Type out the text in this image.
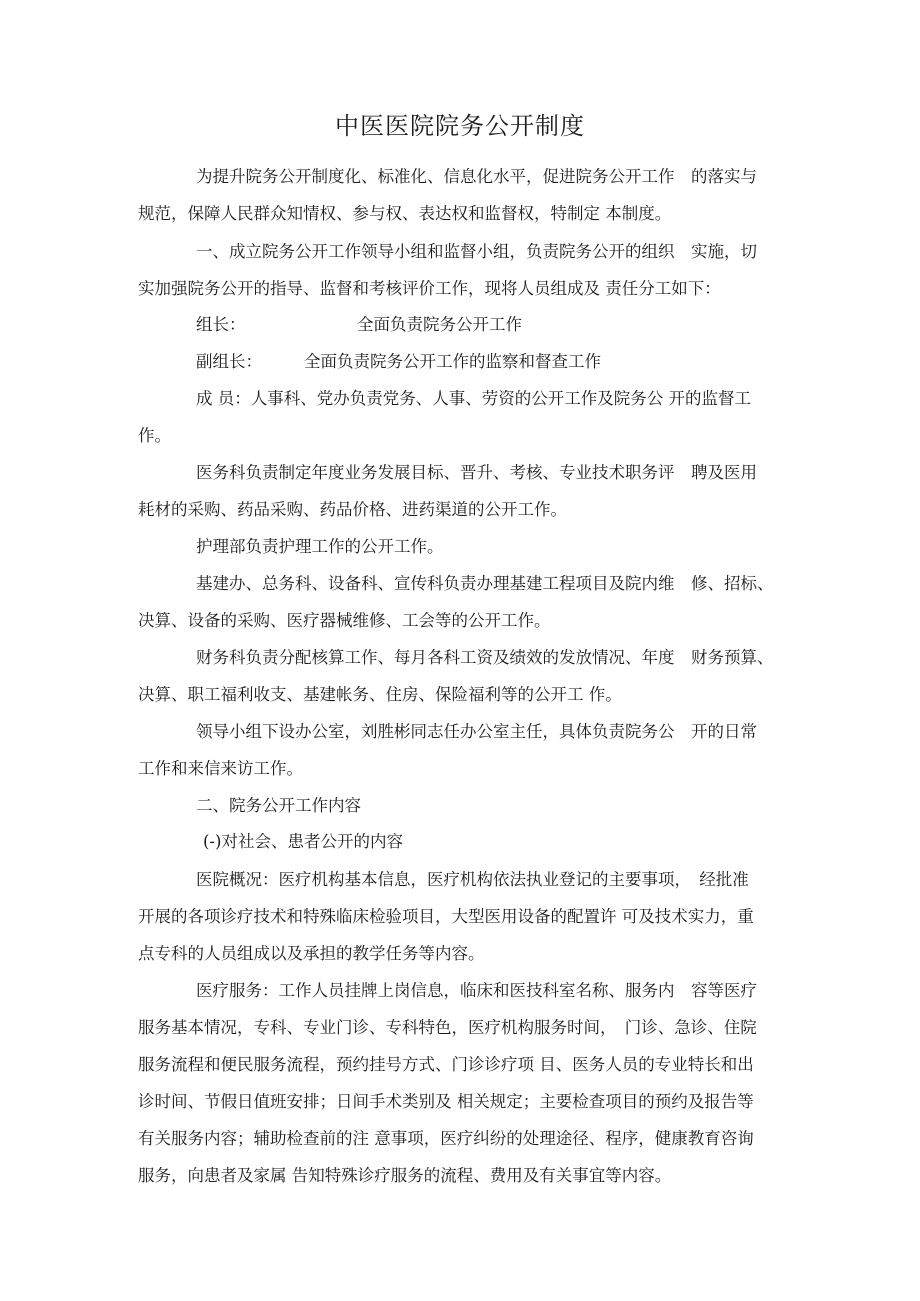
中医医院院务公开制度
为提升院务公开制度化、标准化、信息化水平，促进院务公开工作　的落实与
规范，保障人民群众知情权、参与权、表达权和监督权，特制定 本制度。
一、成立院务公开工作领导小组和监督小组，负责院务公开的组织　实施，切
实加强院务公开的指导、监督和考核评价工作，现将人员组成及 责任分工如下：
组长：	全面负责院务公开工作
副组长：	全面负责院务公开工作的监察和督查工作
成 员：人事科、党办负责党务、人事、劳资的公开工作及院务公 开的监督工
作。
医务科负责制定年度业务发展目标、晋升、考核、专业技术职务评　聘及医用
耗材的采购、药品采购、药品价格、进药渠道的公开工作。
护理部负责护理工作的公开工作。
基建办、总务科、设备科、宣传科负责办理基建工程项目及院内维　修、招标、
决算、设备的采购、医疗器械维修、工会等的公开工作。
财务科负责分配核算工作、每月各科工资及绩效的发放情况、年度　财务预算、
决算、职工福利收支、基建帐务、住房、保险福利等的公开工 作。
领导小组下设办公室，刘胜彬同志任办公室主任，具体负责院务公　开的日常
工作和来信来访工作。
二、院务公开工作内容
(-)对社会、患者公开的内容
医院概况：医疗机构基本信息，医疗机构依法执业登记的主要事项，　经批准
开展的各项诊疗技术和特殊临床检验项目，大型医用设备的配置许 可及技术实力，重
点专科的人员组成以及承担的教学任务等内容。
医疗服务：工作人员挂牌上岗信息，临床和医技科室名称、服务内　容等医疗
服务基本情况，专科、专业门诊、专科特色，医疗机构服务时间，　门诊、急诊、住院
服务流程和便民服务流程，预约挂号方式、门诊诊疗项 目、医务人员的专业特长和出
诊时间、节假日值班安排；日间手术类别及 相关规定；主要检查项目的预约及报告等
有关服务内容；辅助检查前的注 意事项，医疗纠纷的处理途径、程序，健康教育咨询
服务，向患者及家属 告知特殊诊疗服务的流程、费用及有关事宜等内容。
